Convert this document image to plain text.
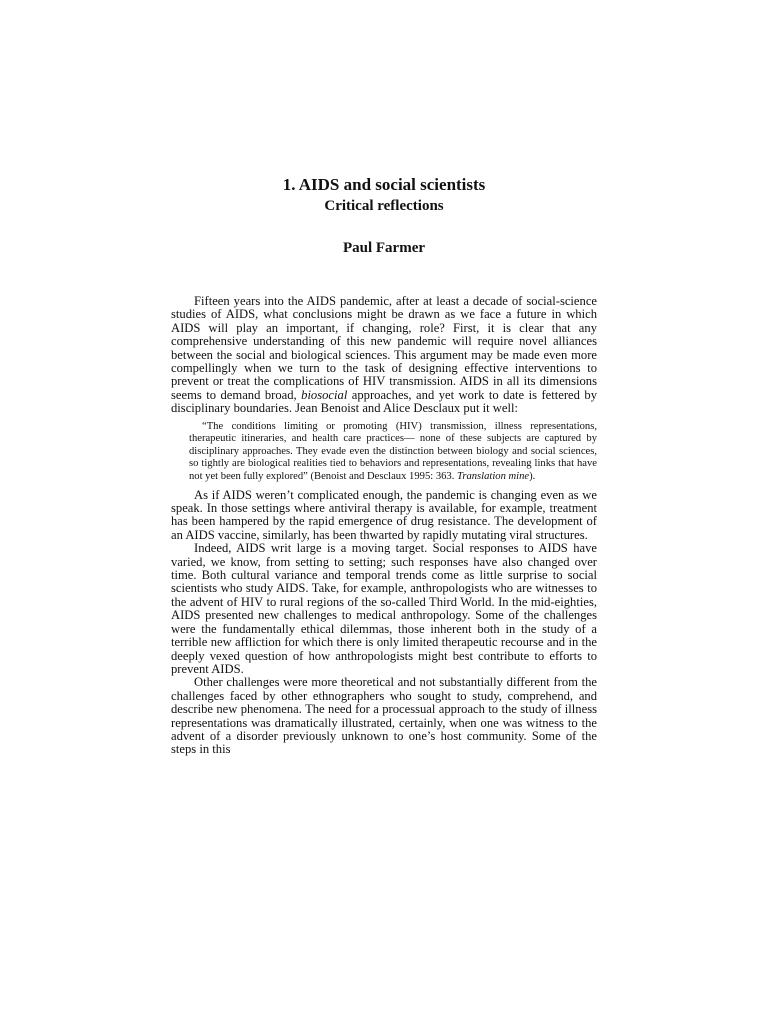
1. AIDS and social scientists
Critical reflections
Paul Farmer

Fifteen years into the AIDS pandemic, after at least a decade of social-science studies of AIDS, what conclusions might be drawn as we face a future in which AIDS will play an important, if changing, role? First, it is clear that any comprehensive understanding of this new pandemic will require novel alliances between the social and biological sciences. This argument may be made even more compellingly when we turn to the task of designing effective interventions to prevent or treat the complications of HIV transmission. AIDS in all its dimensions seems to demand broad, biosocial approaches, and yet work to date is fettered by disciplinary boundaries. Jean Benoist and Alice Desclaux put it well:

“The conditions limiting or promoting (HIV) transmission, illness representations, therapeutic itineraries, and health care practices— none of these subjects are captured by disciplinary approaches. They evade even the distinction between biology and social sciences, so tightly are biological realities tied to behaviors and representations, revealing links that have not yet been fully explored” (Benoist and Desclaux 1995: 363. Translation mine).

As if AIDS weren’t complicated enough, the pandemic is changing even as we speak. In those settings where antiviral therapy is available, for example, treatment has been hampered by the rapid emergence of drug resistance. The development of an AIDS vaccine, similarly, has been thwarted by rapidly mutating viral structures.

Indeed, AIDS writ large is a moving target. Social responses to AIDS have varied, we know, from setting to setting; such responses have also changed over time. Both cultural variance and temporal trends come as little surprise to social scientists who study AIDS. Take, for example, anthropologists who are witnesses to the advent of HIV to rural regions of the so-called Third World. In the mid-eighties, AIDS presented new challenges to medical anthropology. Some of the challenges were the fundamentally ethical dilemmas, those inherent both in the study of a terrible new affliction for which there is only limited therapeutic recourse and in the deeply vexed question of how anthropologists might best contribute to efforts to prevent AIDS.

Other challenges were more theoretical and not substantially different from the challenges faced by other ethnographers who sought to study, comprehend, and describe new phenomena. The need for a processual approach to the study of illness representations was dramatically illustrated, certainly, when one was witness to the advent of a disorder previously unknown to one’s host community. Some of the steps in this
